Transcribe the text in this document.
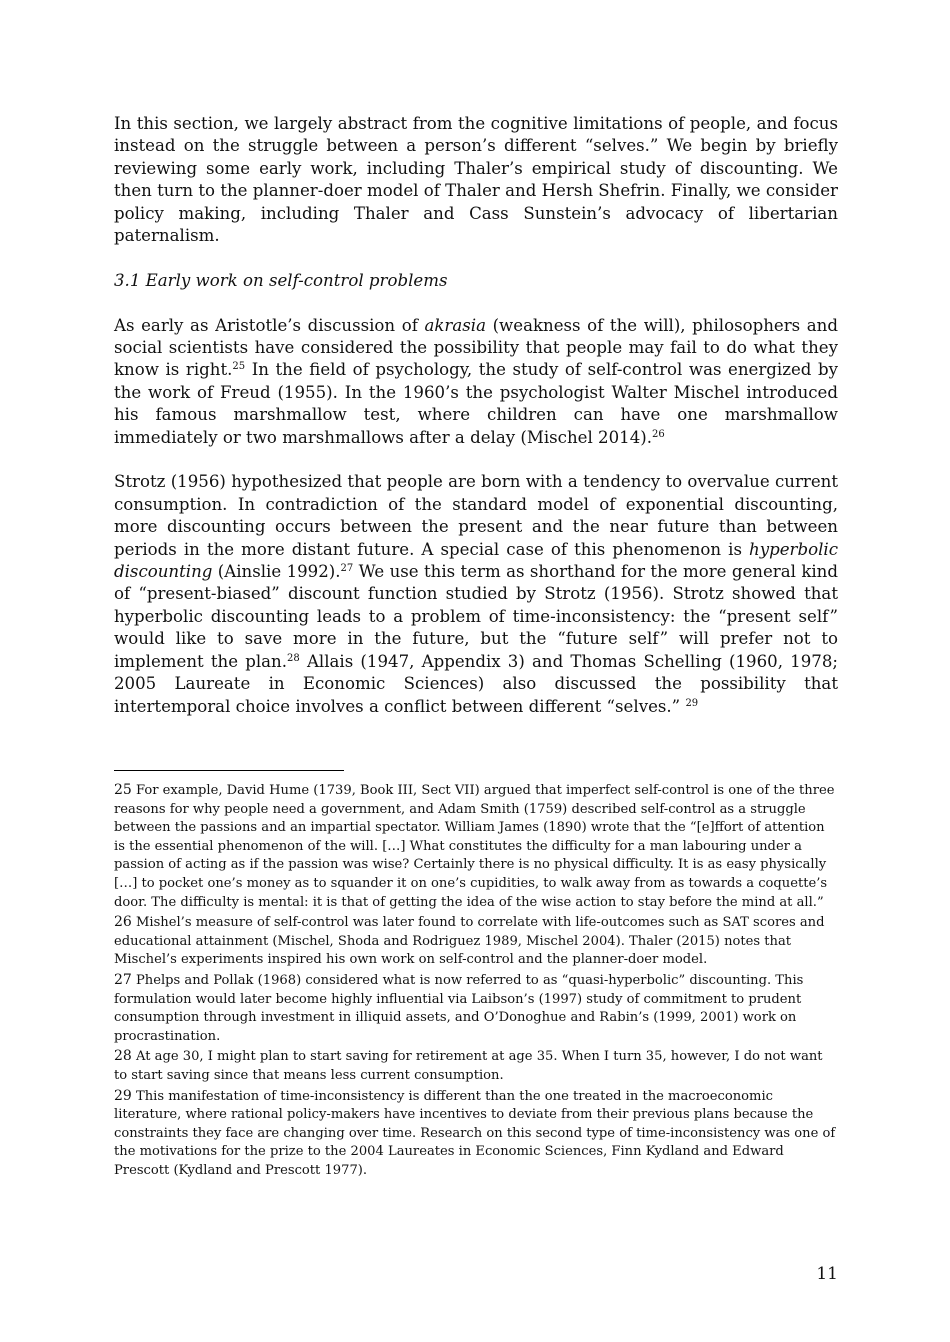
In this section, we largely abstract from the cognitive limitations of people, and focus instead on the struggle between a person’s different “selves.” We begin by briefly reviewing some early work, including Thaler’s empirical study of discounting. We then turn to the planner-doer model of Thaler and Hersh Shefrin. Finally, we consider policy making, including Thaler and Cass Sunstein’s advocacy of libertarian paternalism.

3.1 Early work on self-control problems

As early as Aristotle’s discussion of akrasia (weakness of the will), philosophers and social scientists have considered the possibility that people may fail to do what they know is right.$^{25}$ In the field of psychology, the study of self-control was energized by the work of Freud (1955). In the 1960’s the psychologist Walter Mischel introduced his famous marshmallow test, where children can have one marshmallow immediately or two marshmallows after a delay (Mischel 2014).$^{26}$

Strotz (1956) hypothesized that people are born with a tendency to overvalue current consumption. In contradiction of the standard model of exponential discounting, more discounting occurs between the present and the near future than between periods in the more distant future. A special case of this phenomenon is hyperbolic discounting (Ainslie 1992).$^{27}$ We use this term as shorthand for the more general kind of “present-biased” discount function studied by Strotz (1956). Strotz showed that hyperbolic discounting leads to a problem of time-inconsistency: the “present self” would like to save more in the future, but the “future self” will prefer not to implement the plan.$^{28}$ Allais (1947, Appendix 3) and Thomas Schelling (1960, 1978; 2005 Laureate in Economic Sciences) also discussed the possibility that intertemporal choice involves a conflict between different “selves.” $^{29}$

25 For example, David Hume (1739, Book III, Sect VII) argued that imperfect self-control is one of the three reasons for why people need a government, and Adam Smith (1759) described self-control as a struggle between the passions and an impartial spectator. William James (1890) wrote that the “[e]ffort of attention is the essential phenomenon of the will. […] What constitutes the difficulty for a man labouring under a passion of acting as if the passion was wise? Certainly there is no physical difficulty. It is as easy physically […] to pocket one’s money as to squander it on one’s cupidities, to walk away from as towards a coquette’s door. The difficulty is mental: it is that of getting the idea of the wise action to stay before the mind at all.”

26 Mishel’s measure of self-control was later found to correlate with life-outcomes such as SAT scores and educational attainment (Mischel, Shoda and Rodriguez 1989, Mischel 2004). Thaler (2015) notes that Mischel’s experiments inspired his own work on self-control and the planner-doer model.

27 Phelps and Pollak (1968) considered what is now referred to as “quasi-hyperbolic” discounting. This formulation would later become highly influential via Laibson’s (1997) study of commitment to prudent consumption through investment in illiquid assets, and O’Donoghue and Rabin’s (1999, 2001) work on procrastination.

28 At age 30, I might plan to start saving for retirement at age 35. When I turn 35, however, I do not want to start saving since that means less current consumption.

29 This manifestation of time-inconsistency is different than the one treated in the macroeconomic literature, where rational policy-makers have incentives to deviate from their previous plans because the constraints they face are changing over time. Research on this second type of time-inconsistency was one of the motivations for the prize to the 2004 Laureates in Economic Sciences, Finn Kydland and Edward Prescott (Kydland and Prescott 1977).

11
